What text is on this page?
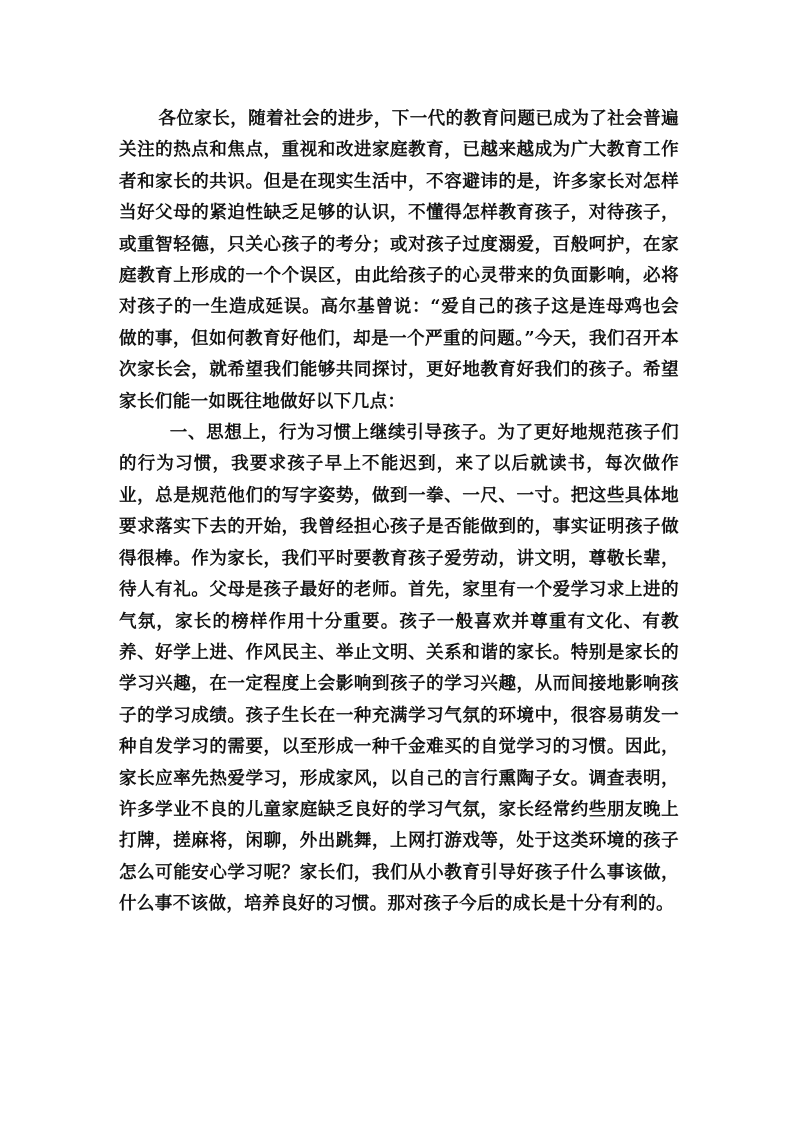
各位家长，随着社会的进步，下一代的教育问题已成为了社会普遍关注的热点和焦点，重视和改进家庭教育，已越来越成为广大教育工作者和家长的共识。但是在现实生活中，不容避讳的是，许多家长对怎样当好父母的紧迫性缺乏足够的认识，不懂得怎样教育孩子，对待孩子，或重智轻德，只关心孩子的考分；或对孩子过度溺爱，百般呵护，在家庭教育上形成的一个个误区，由此给孩子的心灵带来的负面影响，必将对孩子的一生造成延误。高尔基曾说：“爱自己的孩子这是连母鸡也会做的事，但如何教育好他们，却是一个严重的问题。”今天，我们召开本次家长会，就希望我们能够共同探讨，更好地教育好我们的孩子。希望家长们能一如既往地做好以下几点：

一、思想上，行为习惯上继续引导孩子。为了更好地规范孩子们的行为习惯，我要求孩子早上不能迟到，来了以后就读书，每次做作业，总是规范他们的写字姿势，做到一拳、一尺、一寸。把这些具体地要求落实下去的开始，我曾经担心孩子是否能做到的，事实证明孩子做得很棒。作为家长，我们平时要教育孩子爱劳动，讲文明，尊敬长辈，待人有礼。父母是孩子最好的老师。首先，家里有一个爱学习求上进的气氛，家长的榜样作用十分重要。孩子一般喜欢并尊重有文化、有教养、好学上进、作风民主、举止文明、关系和谐的家长。特别是家长的学习兴趣，在一定程度上会影响到孩子的学习兴趣，从而间接地影响孩子的学习成绩。孩子生长在一种充满学习气氛的环境中，很容易萌发一种自发学习的需要，以至形成一种千金难买的自觉学习的习惯。因此，家长应率先热爱学习，形成家风，以自己的言行熏陶子女。调查表明，许多学业不良的儿童家庭缺乏良好的学习气氛，家长经常约些朋友晚上打牌，搓麻将，闲聊，外出跳舞，上网打游戏等，处于这类环境的孩子怎么可能安心学习呢？家长们，我们从小教育引导好孩子什么事该做，什么事不该做，培养良好的习惯。那对孩子今后的成长是十分有利的。
